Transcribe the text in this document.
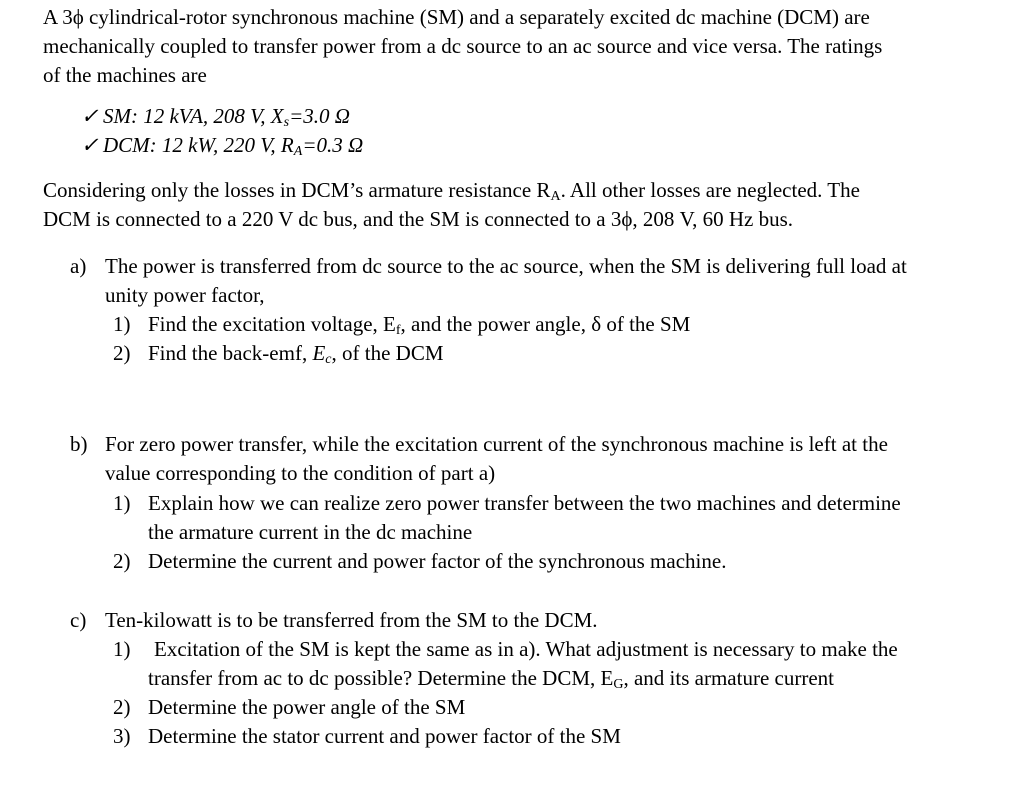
A 3ϕ cylindrical-rotor synchronous machine (SM) and a separately excited dc machine (DCM) are
mechanically coupled to transfer power from a dc source to an ac source and vice versa. The ratings
of the machines are
✓ SM: 12 kVA, 208 V, $X_s=3.0$ Ω
✓ DCM: 12 kW, 220 V, $R_A=0.3$ Ω
Considering only the losses in DCM’s armature resistance $R_A$. All other losses are neglected. The
DCM is connected to a 220 V dc bus, and the SM is connected to a 3ϕ, 208 V, 60 Hz bus.
a) The power is transferred from dc source to the ac source, when the SM is delivering full load at
unity power factor,
1) Find the excitation voltage, $E_f$, and the power angle, δ of the SM
2) Find the back-emf, $E_c$, of the DCM
b) For zero power transfer, while the excitation current of the synchronous machine is left at the
value corresponding to the condition of part a)
1) Explain how we can realize zero power transfer between the two machines and determine
the armature current in the dc machine
2) Determine the current and power factor of the synchronous machine.
c) Ten-kilowatt is to be transferred from the SM to the DCM.
1) Excitation of the SM is kept the same as in a). What adjustment is necessary to make the
transfer from ac to dc possible? Determine the DCM, $E_G$, and its armature current
2) Determine the power angle of the SM
3) Determine the stator current and power factor of the SM
